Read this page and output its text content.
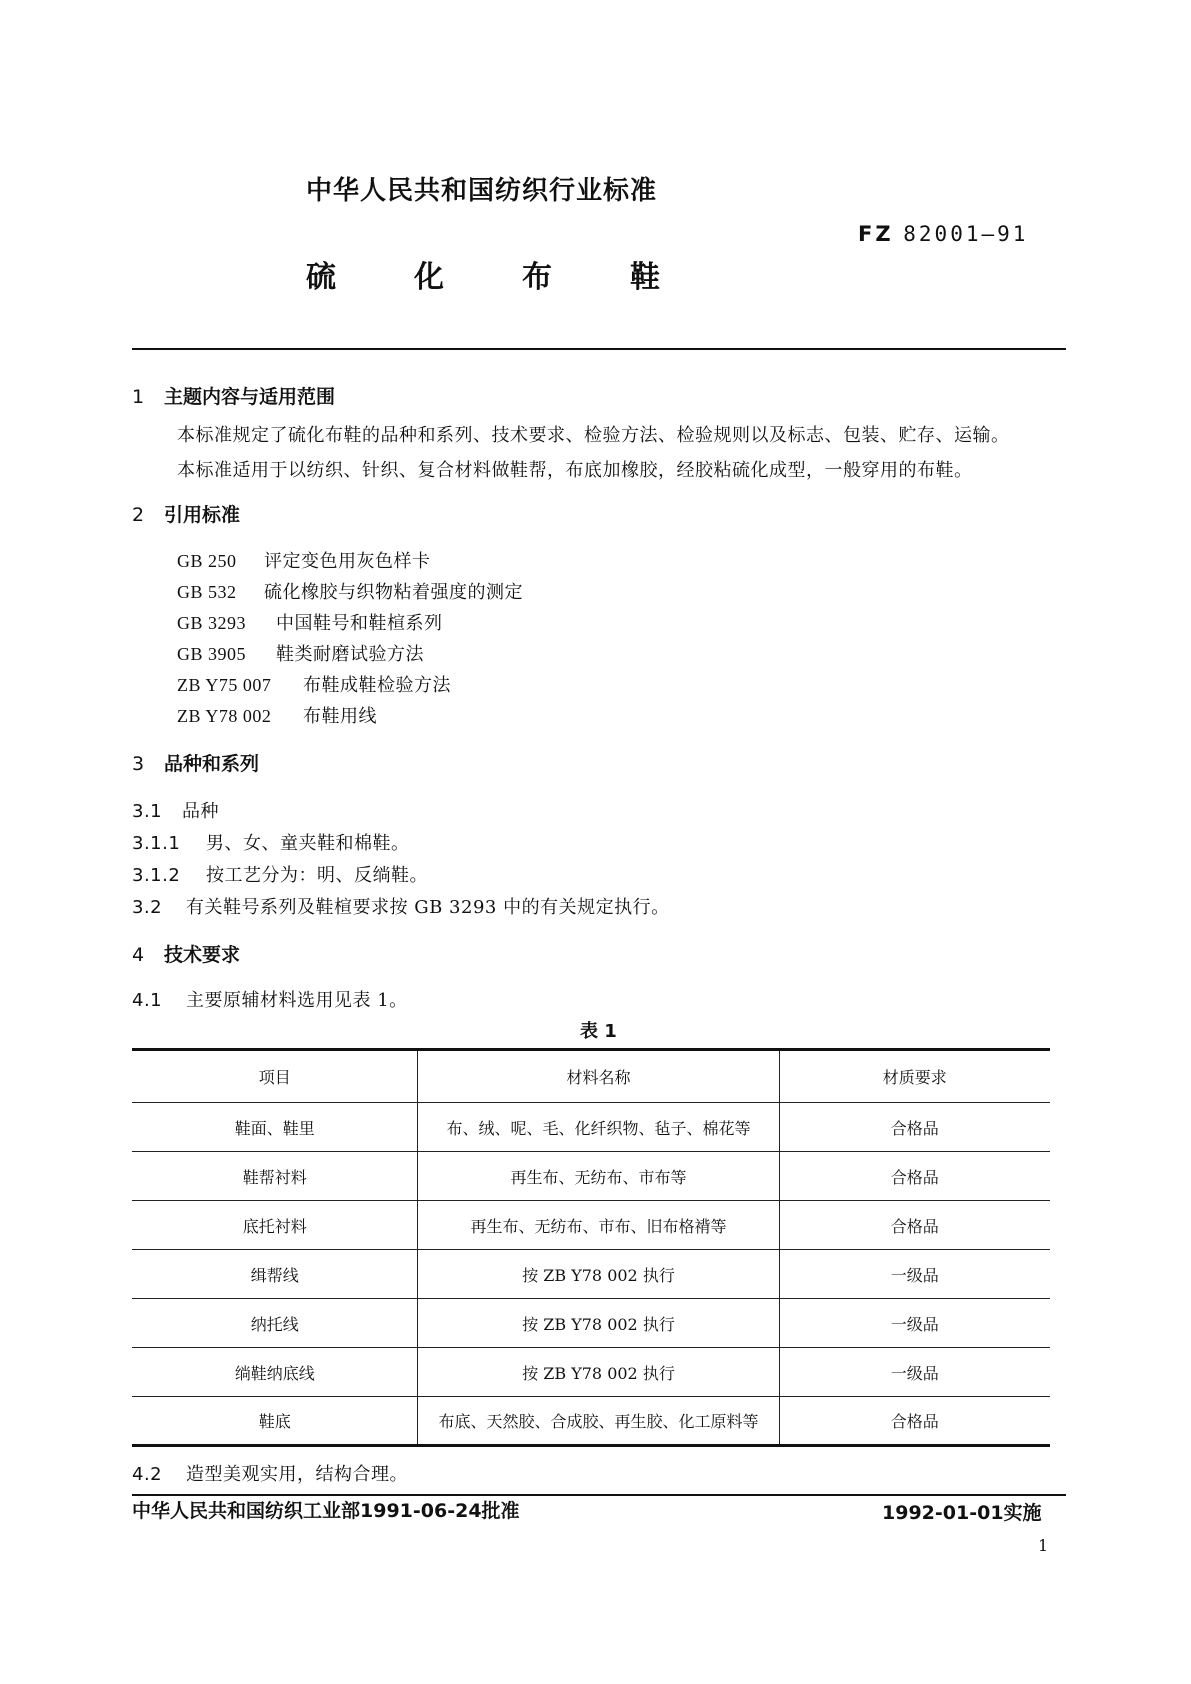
中华人民共和国纺织行业标准
FZ 82001—91
硫化布鞋
1 主题内容与适用范围
本标准规定了硫化布鞋的品种和系列、技术要求、检验方法、检验规则以及标志、包装、贮存、运输。
本标准适用于以纺织、针织、复合材料做鞋帮，布底加橡胶，经胶粘硫化成型，一般穿用的布鞋。
2 引用标准
GB 250 评定变色用灰色样卡
GB 532 硫化橡胶与织物粘着强度的测定
GB 3293 中国鞋号和鞋楦系列
GB 3905 鞋类耐磨试验方法
ZB Y75 007 布鞋成鞋检验方法
ZB Y78 002 布鞋用线
3 品种和系列
3.1 品种
3.1.1 男、女、童夹鞋和棉鞋。
3.1.2 按工艺分为：明、反绱鞋。
3.2 有关鞋号系列及鞋楦要求按 GB 3293 中的有关规定执行。
4 技术要求
4.1 主要原辅材料选用见表 1。
表 1
项目	材料名称	材质要求
鞋面、鞋里	布、绒、呢、毛、化纤织物、毡子、棉花等	合格品
鞋帮衬料	再生布、无纺布、市布等	合格品
底托衬料	再生布、无纺布、市布、旧布格褙等	合格品
缉帮线	按 ZB Y78 002 执行	一级品
纳托线	按 ZB Y78 002 执行	一级品
绱鞋纳底线	按 ZB Y78 002 执行	一级品
鞋底	布底、天然胶、合成胶、再生胶、化工原料等	合格品
4.2 造型美观实用，结构合理。
中华人民共和国纺织工业部1991-06-24批准	1992-01-01实施
1
